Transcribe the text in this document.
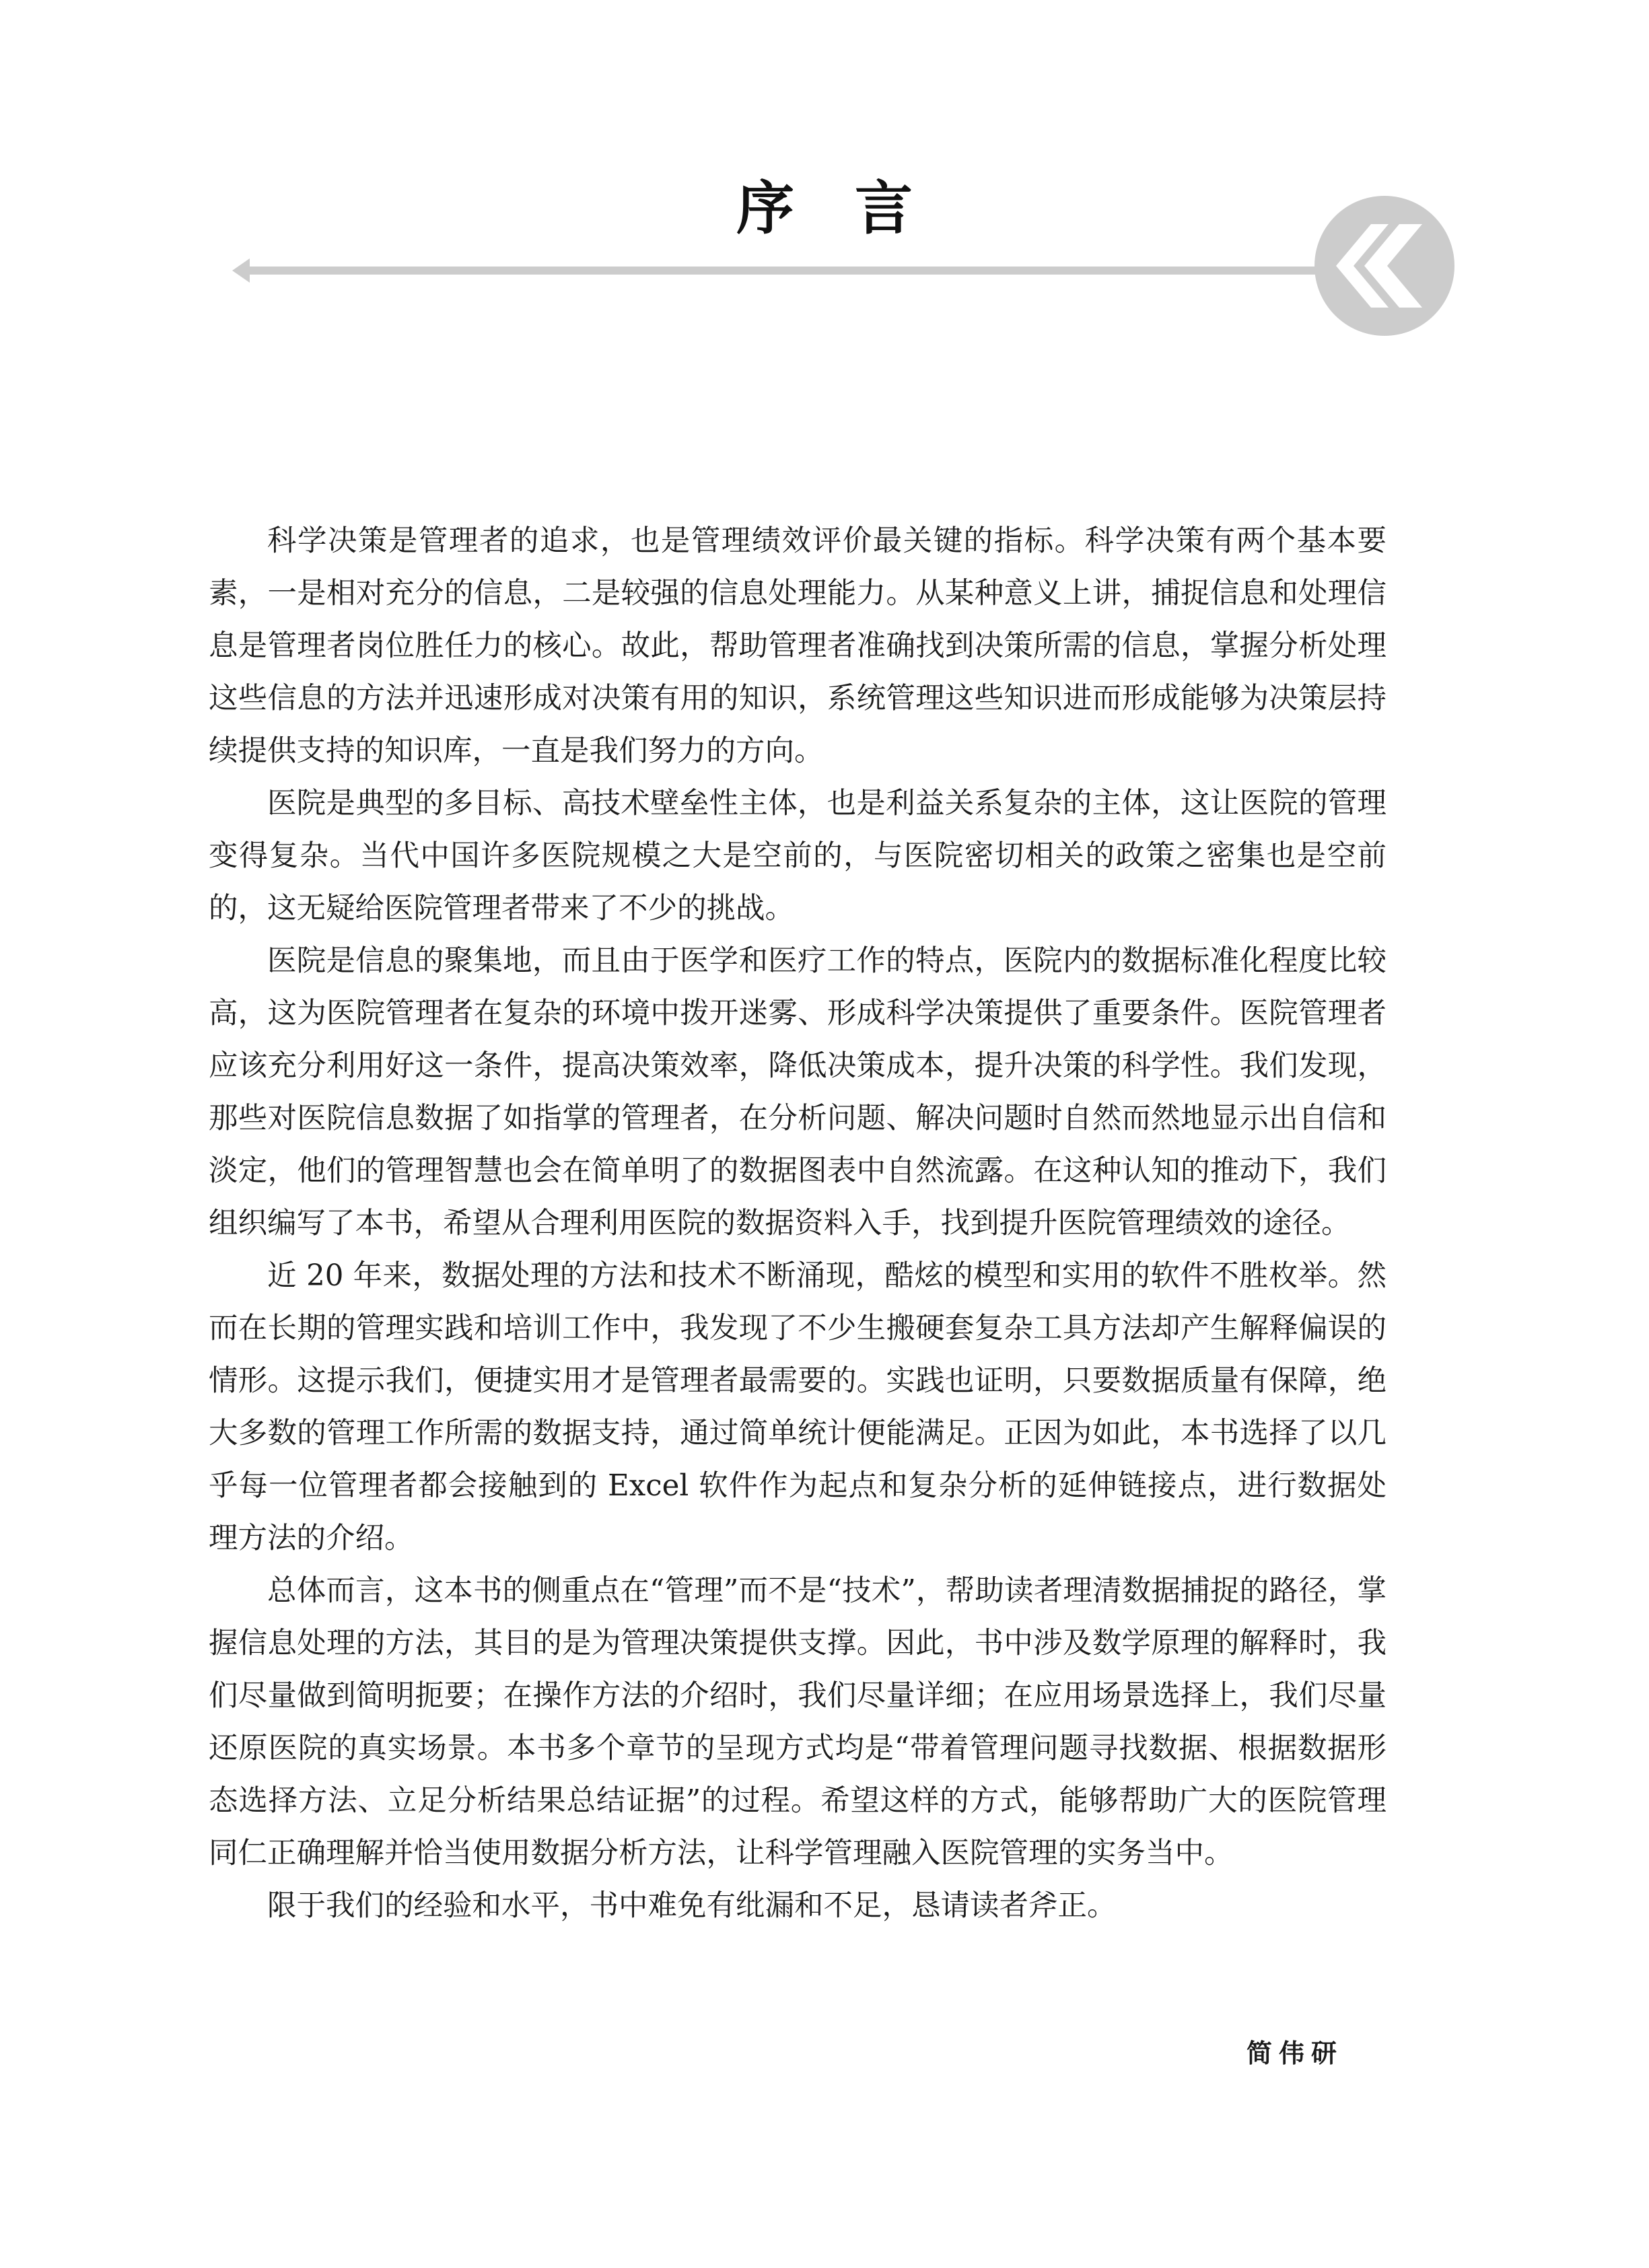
序言

科学决策是管理者的追求，也是管理绩效评价最关键的指标。科学决策有两个基本要素，一是相对充分的信息，二是较强的信息处理能力。从某种意义上讲，捕捉信息和处理信息是管理者岗位胜任力的核心。故此，帮助管理者准确找到决策所需的信息，掌握分析处理这些信息的方法并迅速形成对决策有用的知识，系统管理这些知识进而形成能够为决策层持续提供支持的知识库，一直是我们努力的方向。

医院是典型的多目标、高技术壁垒性主体，也是利益关系复杂的主体，这让医院的管理变得复杂。当代中国许多医院规模之大是空前的，与医院密切相关的政策之密集也是空前的，这无疑给医院管理者带来了不少的挑战。

医院是信息的聚集地，而且由于医学和医疗工作的特点，医院内的数据标准化程度比较高，这为医院管理者在复杂的环境中拨开迷雾、形成科学决策提供了重要条件。医院管理者应该充分利用好这一条件，提高决策效率，降低决策成本，提升决策的科学性。我们发现，那些对医院信息数据了如指掌的管理者，在分析问题、解决问题时自然而然地显示出自信和淡定，他们的管理智慧也会在简单明了的数据图表中自然流露。在这种认知的推动下，我们组织编写了本书，希望从合理利用医院的数据资料入手，找到提升医院管理绩效的途径。

近 20 年来，数据处理的方法和技术不断涌现，酷炫的模型和实用的软件不胜枚举。然而在长期的管理实践和培训工作中，我发现了不少生搬硬套复杂工具方法却产生解释偏误的情形。这提示我们，便捷实用才是管理者最需要的。实践也证明，只要数据质量有保障，绝大多数的管理工作所需的数据支持，通过简单统计便能满足。正因为如此，本书选择了以几乎每一位管理者都会接触到的 Excel 软件作为起点和复杂分析的延伸链接点，进行数据处理方法的介绍。

总体而言，这本书的侧重点在“管理”而不是“技术”，帮助读者理清数据捕捉的路径，掌握信息处理的方法，其目的是为管理决策提供支撑。因此，书中涉及数学原理的解释时，我们尽量做到简明扼要；在操作方法的介绍时，我们尽量详细；在应用场景选择上，我们尽量还原医院的真实场景。本书多个章节的呈现方式均是“带着管理问题寻找数据、根据数据形态选择方法、立足分析结果总结证据”的过程。希望这样的方式，能够帮助广大的医院管理同仁正确理解并恰当使用数据分析方法，让科学管理融入医院管理的实务当中。

限于我们的经验和水平，书中难免有纰漏和不足，恳请读者斧正。

简伟研
